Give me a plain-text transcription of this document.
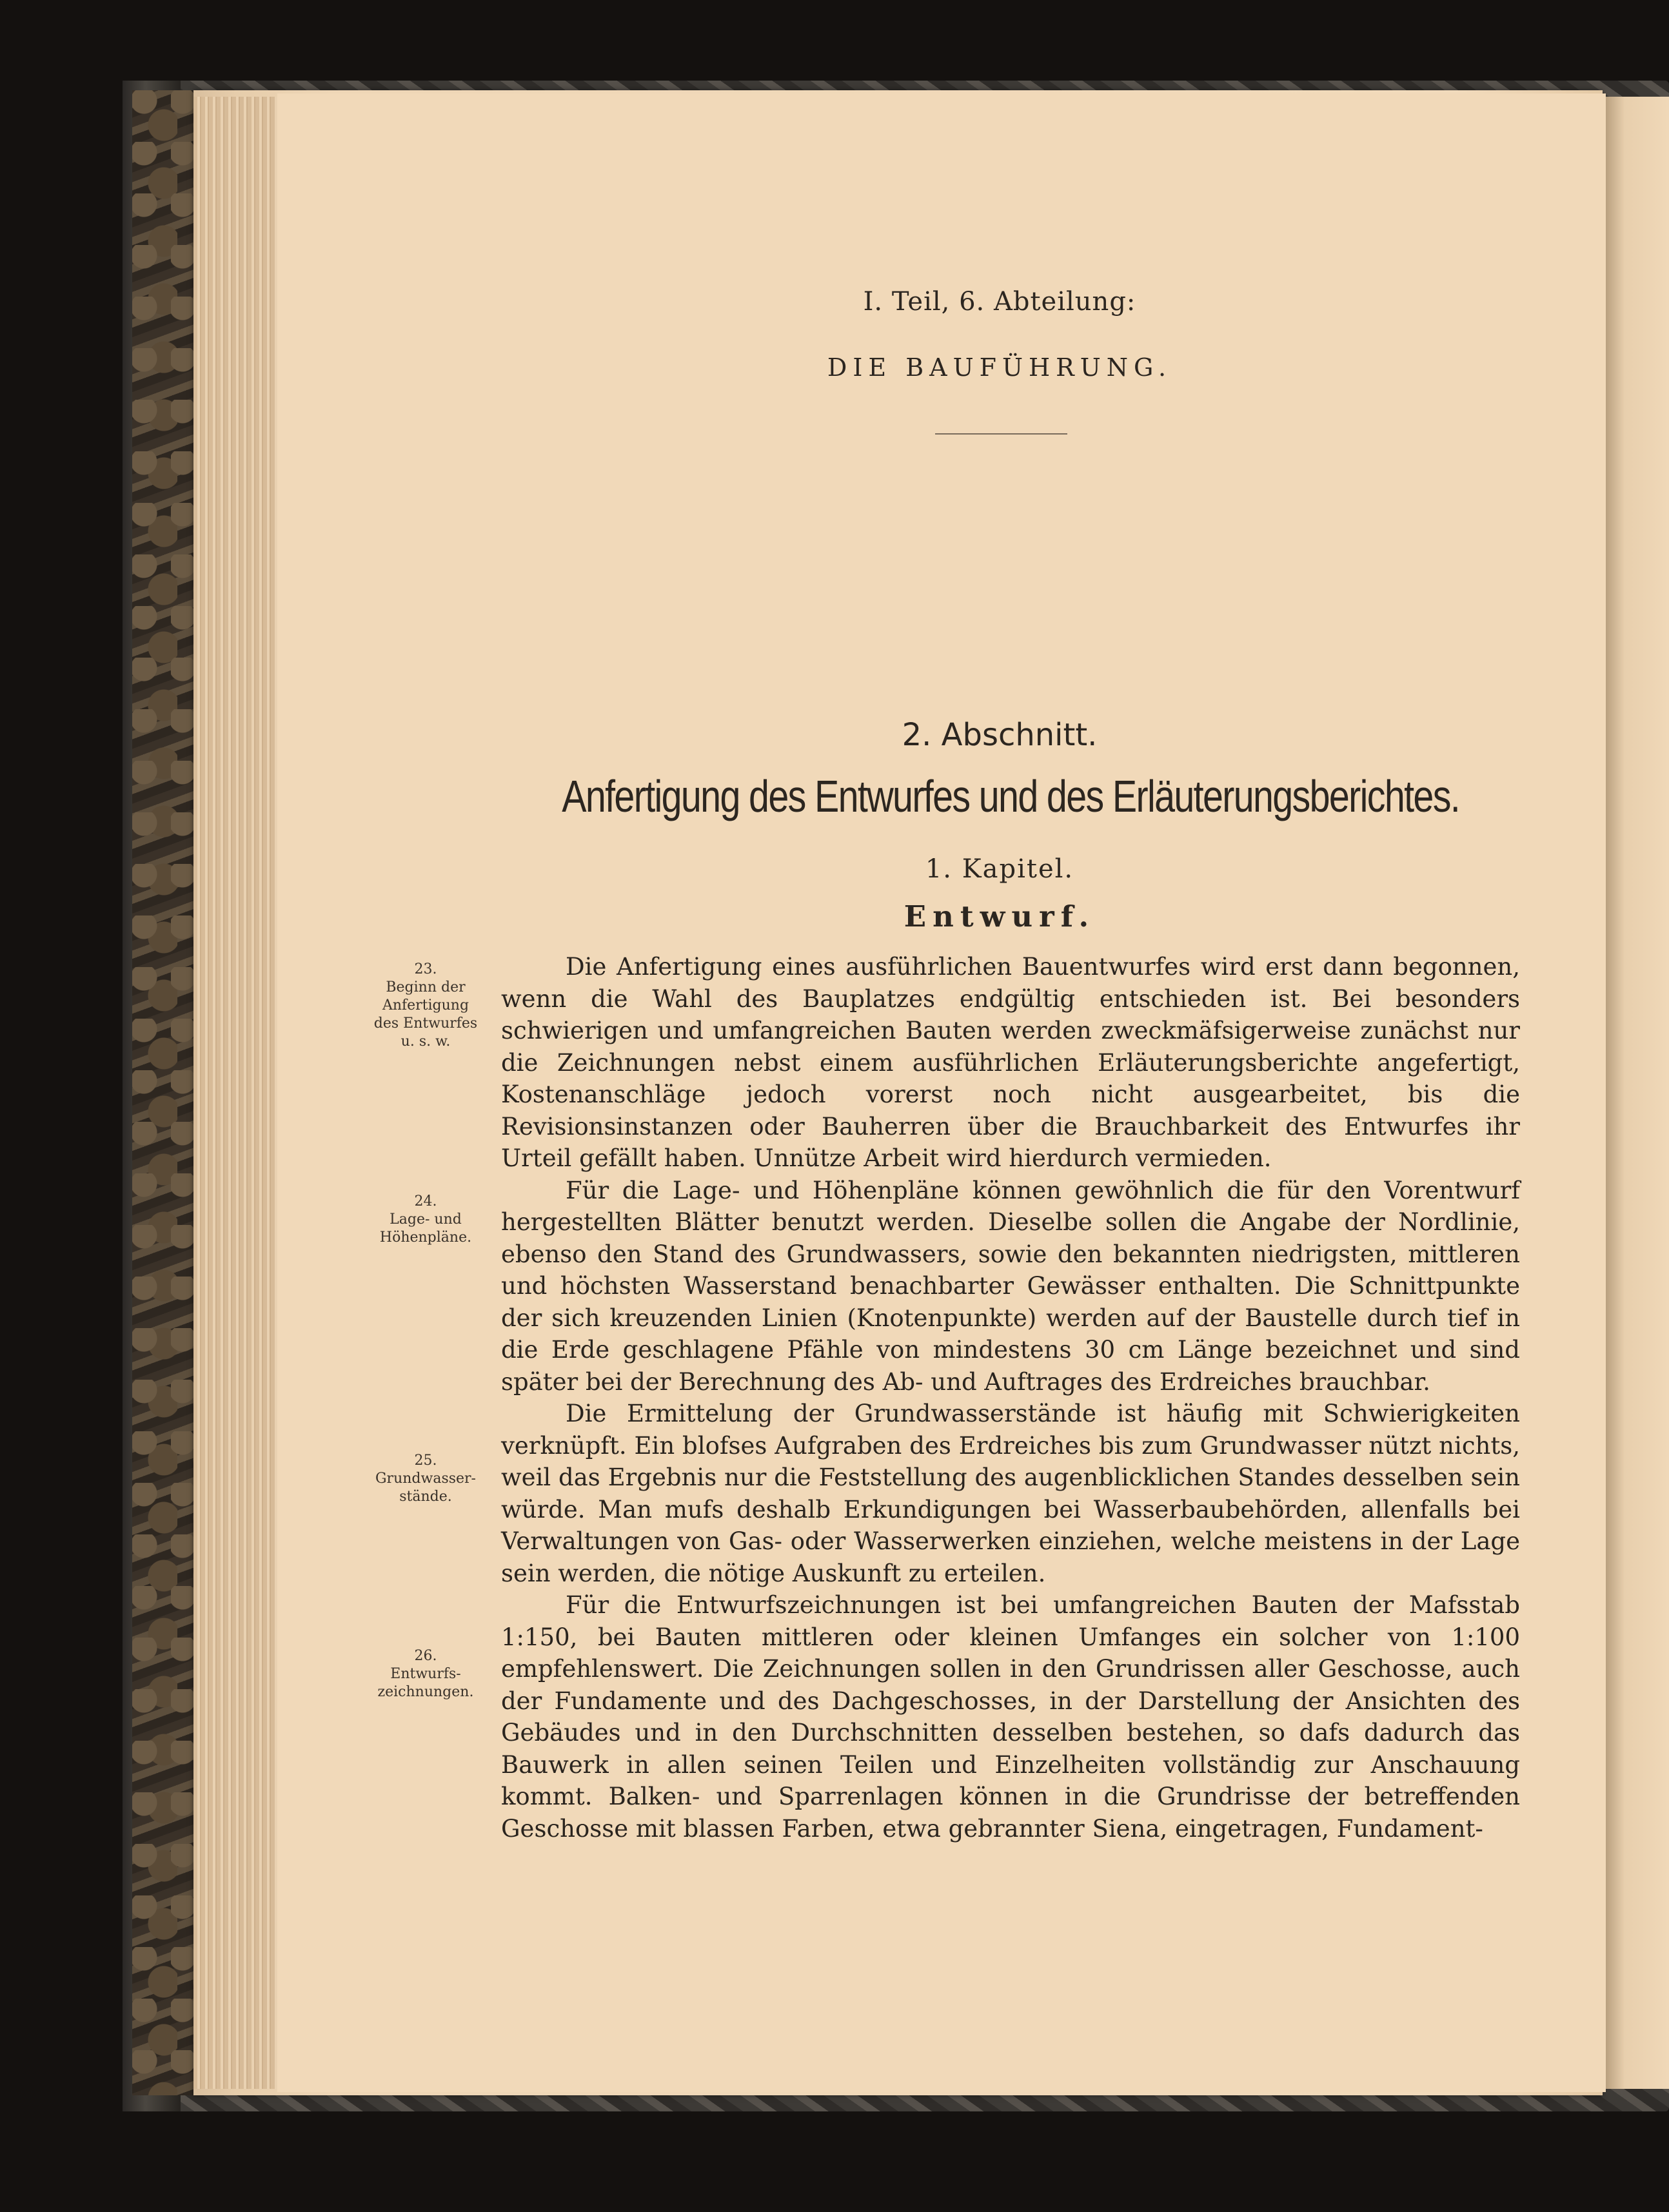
I. Teil, 6. Abteilung:
DIE BAUFÜHRUNG.
2. Abschnitt.
Anfertigung des Entwurfes und des Erläuterungsberichtes.
1. Kapitel.
Entwurf.
23.
Beginn der
Anfertigung
des Entwurfes
u. s. w.
24.
Lage- und
Höhenpläne.
25.
Grundwasser-
stände.
26.
Entwurfs-
zeichnungen.

Die Anfertigung eines ausführlichen Bauentwurfes wird erst dann begonnen, wenn die Wahl des Bauplatzes endgültig entschieden ist. Bei besonders schwierigen und umfangreichen Bauten werden zweckmäfsigerweise zunächst nur die Zeichnungen nebst einem ausführlichen Erläuterungsberichte angefertigt, Kostenanschläge jedoch vorerst noch nicht ausgearbeitet, bis die Revisionsinstanzen oder Bauherren über die Brauchbarkeit des Entwurfes ihr Urteil gefällt haben. Unnütze Arbeit wird hierdurch vermieden.

Für die Lage- und Höhenpläne können gewöhnlich die für den Vorentwurf hergestellten Blätter benutzt werden. Dieselbe sollen die Angabe der Nordlinie, ebenso den Stand des Grundwassers, sowie den bekannten niedrigsten, mittleren und höchsten Wasserstand benachbarter Gewässer enthalten. Die Schnittpunkte der sich kreuzenden Linien (Knotenpunkte) werden auf der Baustelle durch tief in die Erde geschlagene Pfähle von mindestens 30 cm Länge bezeichnet und sind später bei der Berechnung des Ab- und Auftrages des Erdreiches brauchbar.

Die Ermittelung der Grundwasserstände ist häufig mit Schwierigkeiten verknüpft. Ein blofses Aufgraben des Erdreiches bis zum Grundwasser nützt nichts, weil das Ergebnis nur die Feststellung des augenblicklichen Standes desselben sein würde. Man mufs deshalb Erkundigungen bei Wasserbaubehörden, allenfalls bei Verwaltungen von Gas- oder Wasserwerken einziehen, welche meistens in der Lage sein werden, die nötige Auskunft zu erteilen.

Für die Entwurfszeichnungen ist bei umfangreichen Bauten der Mafsstab 1:150, bei Bauten mittleren oder kleinen Umfanges ein solcher von 1:100 empfehlenswert. Die Zeichnungen sollen in den Grundrissen aller Geschosse, auch der Fundamente und des Dachgeschosses, in der Darstellung der Ansichten des Gebäudes und in den Durchschnitten desselben bestehen, so dafs dadurch das Bauwerk in allen seinen Teilen und Einzelheiten vollständig zur Anschauung kommt. Balken- und Sparrenlagen können in die Grundrisse der betreffenden Geschosse mit blassen Farben, etwa gebrannter Siena, eingetragen, Fundament-
